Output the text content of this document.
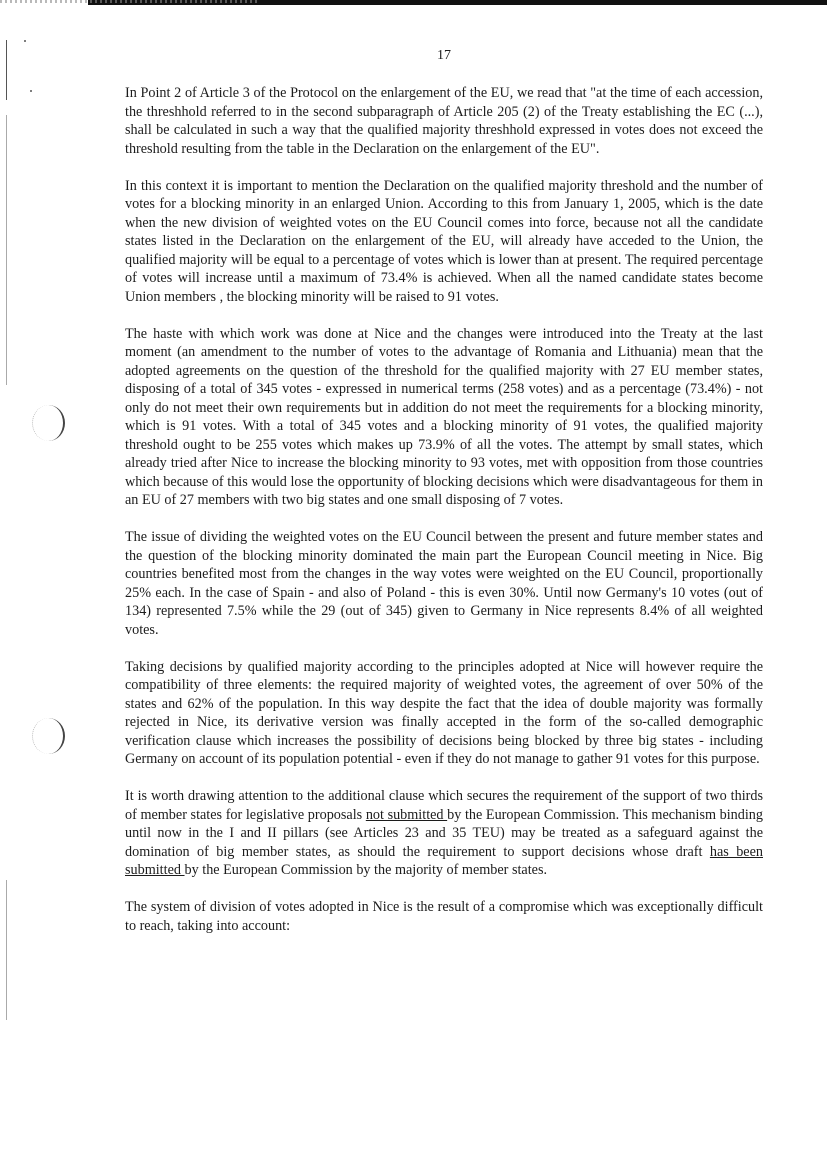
17

In Point 2 of Article 3 of the Protocol on the enlargement of the EU, we read that "at the time of each accession, the threshhold referred to in the second subparagraph of Article 205 (2) of the Treaty establishing the EC (...), shall be calculated in such a way that the qualified majority threshhold expressed in votes does not exceed the threshold resulting from the table in the Declaration on the enlargement of the EU".

In this context it is important to mention the Declaration on the qualified majority threshold and the number of votes for a blocking minority in an enlarged Union. According to this from January 1, 2005, which is the date when the new division of weighted votes on the EU Council comes into force, because not all the candidate states listed in the Declaration on the enlargement of the EU, will already have acceded to the Union, the qualified majority will be equal to a percentage of votes which is lower than at present. The required percentage of votes will increase until a maximum of 73.4% is achieved. When all the named candidate states become Union members , the blocking minority will be raised to 91 votes.

The haste with which work was done at Nice and the changes were introduced into the Treaty at the last moment (an amendment to the number of votes to the advantage of Romania and Lithuania) mean that the adopted agreements on the question of the threshold for the qualified majority with 27 EU member states, disposing of a total of 345 votes - expressed in numerical terms (258 votes) and as a percentage (73.4%) - not only do not meet their own requirements but in addition do not meet the requirements for a blocking minority, which is 91 votes. With a total of 345 votes and a blocking minority of 91 votes, the qualified majority threshold ought to be 255 votes which makes up 73.9% of all the votes. The attempt by small states, which already tried after Nice to increase the blocking minority to 93 votes, met with opposition from those countries which because of this would lose the opportunity of blocking decisions which were disadvantageous for them in an EU of 27 members with two big states and one small disposing of 7 votes.

The issue of dividing the weighted votes on the EU Council between the present and future member states and the question of the blocking minority dominated the main part the European Council meeting in Nice. Big countries benefited most from the changes in the way votes were weighted on the EU Council, proportionally 25% each. In the case of Spain - and also of Poland - this is even 30%. Until now Germany's 10 votes (out of 134) represented 7.5% while the 29 (out of 345) given to Germany in Nice represents 8.4% of all weighted votes.

Taking decisions by qualified majority according to the principles adopted at Nice will however require the compatibility of three elements: the required majority of weighted votes, the agreement of over 50% of the states and 62% of the population. In this way despite the fact that the idea of double majority was formally rejected in Nice, its derivative version was finally accepted in the form of the so-called demographic verification clause which increases the possibility of decisions being blocked by three big states - including Germany on account of its population potential - even if they do not manage to gather 91 votes for this purpose.

It is worth drawing attention to the additional clause which secures the requirement of the support of two thirds of member states for legislative proposals not submitted by the European Commission. This mechanism binding until now in the I and II pillars (see Articles 23 and 35 TEU) may be treated as a safeguard against the domination of big member states, as should the requirement to support decisions whose draft has been submitted by the European Commission by the majority of member states.

The system of division of votes adopted in Nice is the result of a compromise which was exceptionally difficult to reach, taking into account:
